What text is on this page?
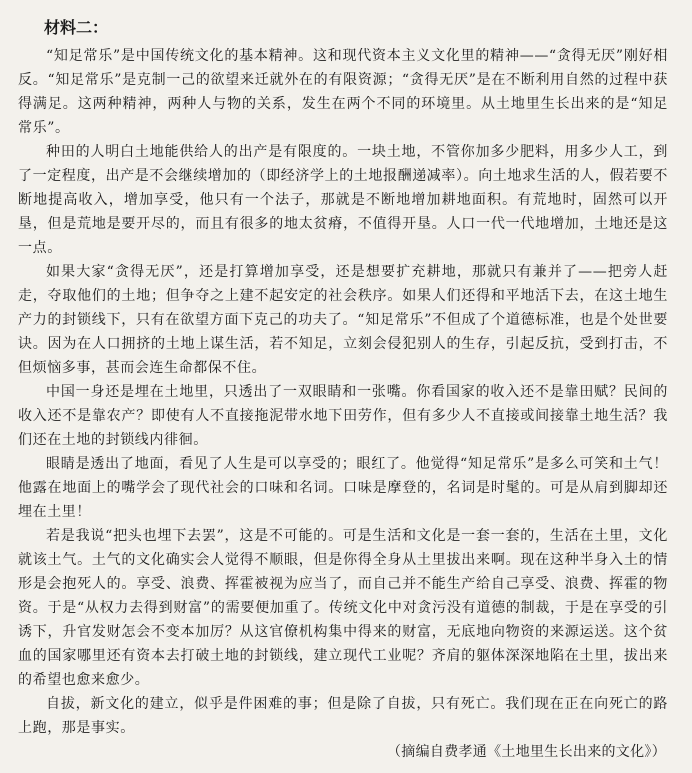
材料二：

“知足常乐”是中国传统文化的基本精神。这和现代资本主义文化里的精神——“贪得无厌”刚好相反。“知足常乐”是克制一己的欲望来迁就外在的有限资源；“贪得无厌”是在不断利用自然的过程中获得满足。这两种精神，两种人与物的关系，发生在两个不同的环境里。从土地里生长出来的是“知足常乐”。

种田的人明白土地能供给人的出产是有限度的。一块土地，不管你加多少肥料，用多少人工，到了一定程度，出产是不会继续增加的（即经济学上的土地报酬递减率）。向土地求生活的人，假若要不断地提高收入，增加享受，他只有一个法子，那就是不断地增加耕地面积。有荒地时，固然可以开垦，但是荒地是要开尽的，而且有很多的地太贫瘠，不值得开垦。人口一代一代地增加，土地还是这一点。

如果大家“贪得无厌”，还是打算增加享受，还是想要扩充耕地，那就只有兼并了——把旁人赶走，夺取他们的土地；但争夺之上建不起安定的社会秩序。如果人们还得和平地活下去，在这土地生产力的封锁线下，只有在欲望方面下克己的功夫了。“知足常乐”不但成了个道德标准，也是个处世要诀。因为在人口拥挤的土地上谋生活，若不知足，立刻会侵犯别人的生存，引起反抗，受到打击，不但烦恼多事，甚而会连生命都保不住。

中国一身还是埋在土地里，只透出了一双眼睛和一张嘴。你看国家的收入还不是靠田赋？民间的收入还不是靠农产？即使有人不直接拖泥带水地下田劳作，但有多少人不直接或间接靠土地生活？我们还在土地的封锁线内徘徊。

眼睛是透出了地面，看见了人生是可以享受的；眼红了。他觉得“知足常乐”是多么可笑和土气！他露在地面上的嘴学会了现代社会的口味和名词。口味是摩登的，名词是时髦的。可是从肩到脚却还埋在土里！

若是我说“把头也埋下去罢”，这是不可能的。可是生活和文化是一套一套的，生活在土里，文化就该土气。土气的文化确实会人觉得不顺眼，但是你得全身从土里拔出来啊。现在这种半身入土的情形是会抱死人的。享受、浪费、挥霍被视为应当了，而自己并不能生产给自己享受、浪费、挥霍的物资。于是“从权力去得到财富”的需要便加重了。传统文化中对贪污没有道德的制裁，于是在享受的引诱下，升官发财怎会不变本加厉？从这官僚机构集中得来的财富，无底地向物资的来源运送。这个贫血的国家哪里还有资本去打破土地的封锁线，建立现代工业呢？齐肩的躯体深深地陷在土里，拔出来的希望也愈来愈少。

自拔，新文化的建立，似乎是件困难的事；但是除了自拔，只有死亡。我们现在正在向死亡的路上跑，那是事实。

（摘编自费孝通《土地里生长出来的文化》）
